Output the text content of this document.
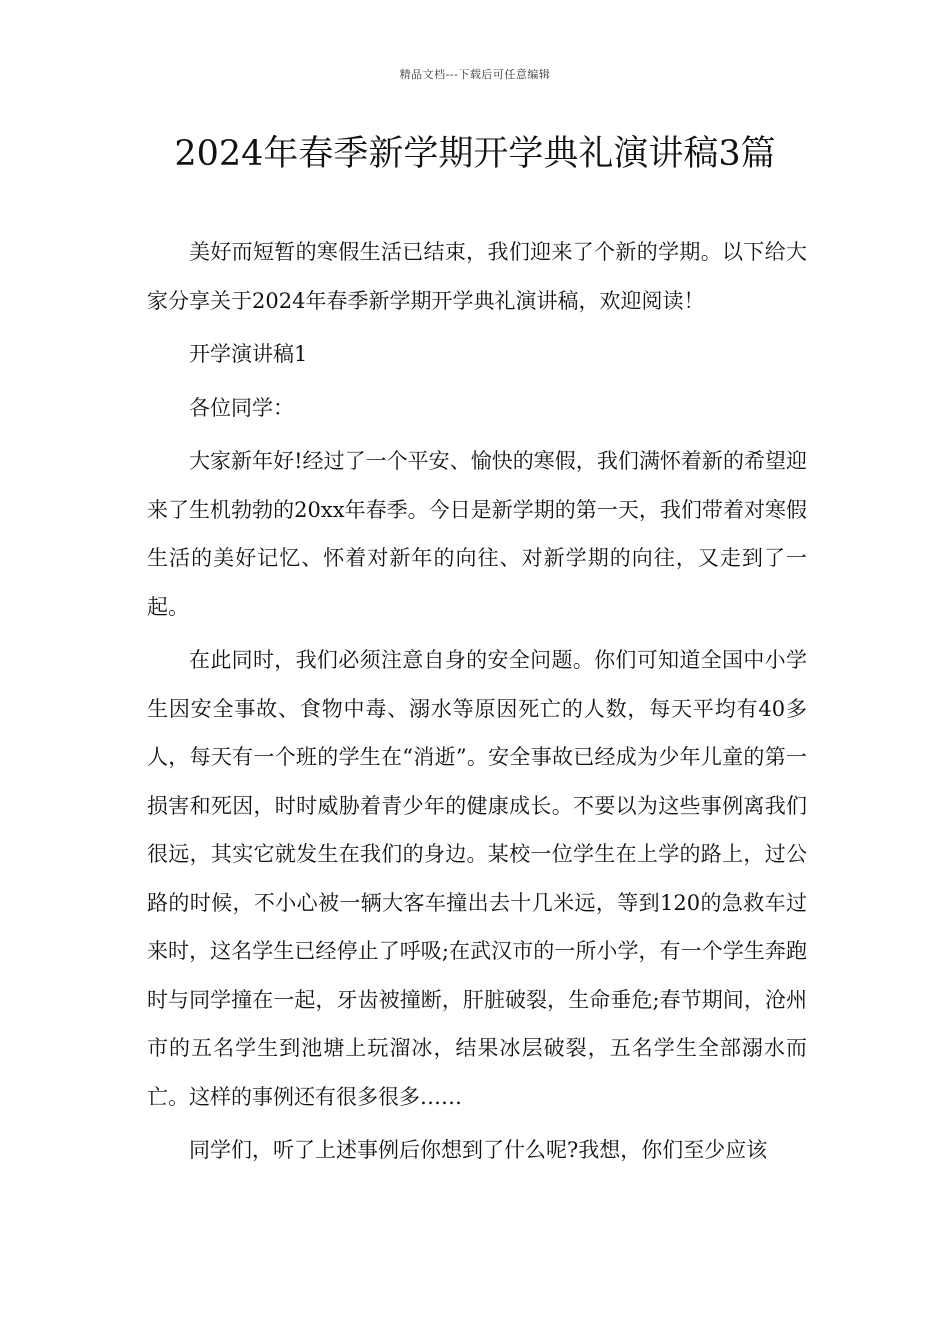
精品文档---下载后可任意编辑
2024年春季新学期开学典礼演讲稿3篇

美好而短暂的寒假生活已结束，我们迎来了个新的学期。以下给大家分享关于2024年春季新学期开学典礼演讲稿，欢迎阅读！

开学演讲稿1

各位同学：

大家新年好!经过了一个平安、愉快的寒假，我们满怀着新的希望迎来了生机勃勃的20xx年春季。今日是新学期的第一天，我们带着对寒假生活的美好记忆、怀着对新年的向往、对新学期的向往，又走到了一起。

在此同时，我们必须注意自身的安全问题。你们可知道全国中小学生因安全事故、食物中毒、溺水等原因死亡的人数，每天平均有40多人，每天有一个班的学生在“消逝”。安全事故已经成为少年儿童的第一损害和死因，时时威胁着青少年的健康成长。不要以为这些事例离我们很远，其实它就发生在我们的身边。某校一位学生在上学的路上，过公路的时候，不小心被一辆大客车撞出去十几米远，等到120的急救车过来时，这名学生已经停止了呼吸;在武汉市的一所小学，有一个学生奔跑时与同学撞在一起，牙齿被撞断，肝脏破裂，生命垂危;春节期间，沧州市的五名学生到池塘上玩溜冰，结果冰层破裂，五名学生全部溺水而亡。这样的事例还有很多很多……

同学们，听了上述事例后你想到了什么呢?我想，你们至少应该
